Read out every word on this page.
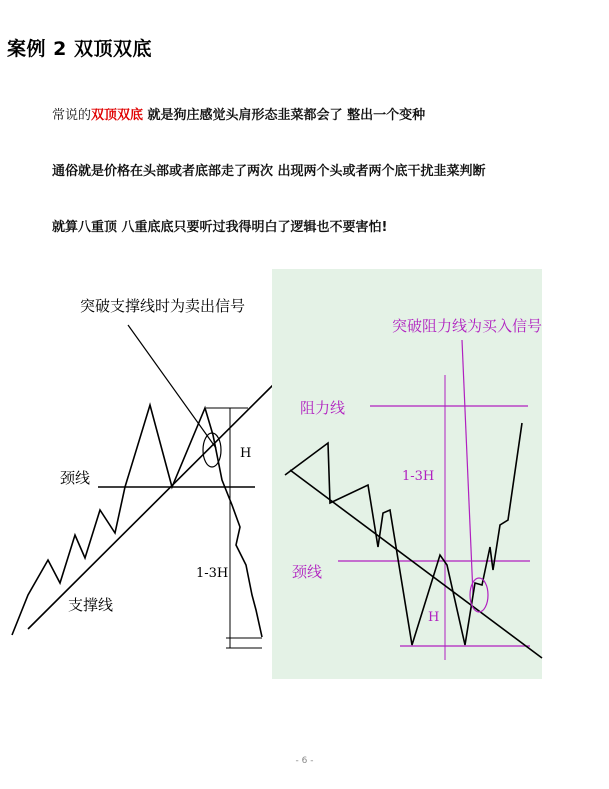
案例 2 双顶双底
常说的双顶双底 就是狗庄感觉头肩形态韭菜都会了 整出一个变种
通俗就是价格在头部或者底部走了两次 出现两个头或者两个底干扰韭菜判断
就算八重顶 八重底底只要听过我得明白了逻辑也不要害怕!
突破支撑线时为卖出信号
颈线
支撑线
H
1-3H
突破阻力线为买入信号
阻力线
颈线
1-3H
H
- 6 -
